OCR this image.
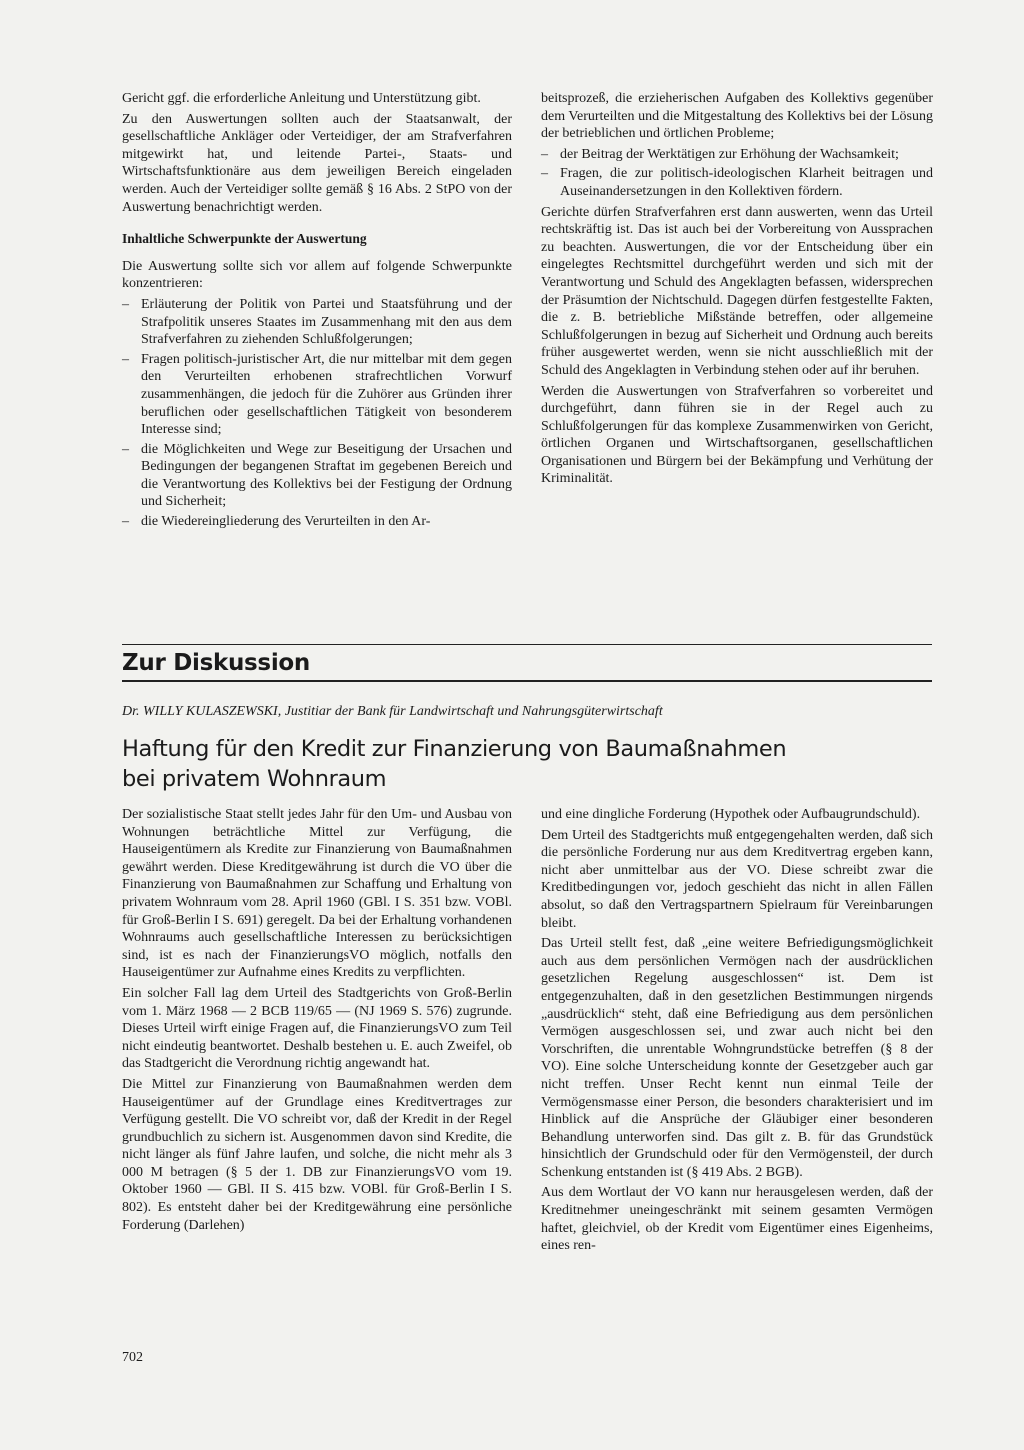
Gericht ggf. die erforderliche Anleitung und Unterstützung gibt.

Zu den Auswertungen sollten auch der Staatsanwalt, der gesellschaftliche Ankläger oder Verteidiger, der am Strafverfahren mitgewirkt hat, und leitende Partei-, Staats- und Wirtschaftsfunktionäre aus dem jeweiligen Bereich eingeladen werden. Auch der Verteidiger sollte gemäß § 16 Abs. 2 StPO von der Auswertung benachrichtigt werden.

Inhaltliche Schwerpunkte der Auswertung

Die Auswertung sollte sich vor allem auf folgende Schwerpunkte konzentrieren:

– Erläuterung der Politik von Partei und Staatsführung und der Strafpolitik unseres Staates im Zusammenhang mit den aus dem Strafverfahren zu ziehenden Schlußfolgerungen;
– Fragen politisch-juristischer Art, die nur mittelbar mit dem gegen den Verurteilten erhobenen strafrechtlichen Vorwurf zusammenhängen, die jedoch für die Zuhörer aus Gründen ihrer beruflichen oder gesellschaftlichen Tätigkeit von besonderem Interesse sind;
– die Möglichkeiten und Wege zur Beseitigung der Ursachen und Bedingungen der begangenen Straftat im gegebenen Bereich und die Verantwortung des Kollektivs bei der Festigung der Ordnung und Sicherheit;
– die Wiedereingliederung des Verurteilten in den Ar-

beitsprozeß, die erzieherischen Aufgaben des Kollektivs gegenüber dem Verurteilten und die Mitgestaltung des Kollektivs bei der Lösung der betrieblichen und örtlichen Probleme;

– der Beitrag der Werktätigen zur Erhöhung der Wachsamkeit;
– Fragen, die zur politisch-ideologischen Klarheit beitragen und Auseinandersetzungen in den Kollektiven fördern.

Gerichte dürfen Strafverfahren erst dann auswerten, wenn das Urteil rechtskräftig ist. Das ist auch bei der Vorbereitung von Aussprachen zu beachten. Auswertungen, die vor der Entscheidung über ein eingelegtes Rechtsmittel durchgeführt werden und sich mit der Verantwortung und Schuld des Angeklagten befassen, widersprechen der Präsumtion der Nichtschuld. Dagegen dürfen festgestellte Fakten, die z. B. betriebliche Mißstände betreffen, oder allgemeine Schlußfolgerungen in bezug auf Sicherheit und Ordnung auch bereits früher ausgewertet werden, wenn sie nicht ausschließlich mit der Schuld des Angeklagten in Verbindung stehen oder auf ihr beruhen.

Werden die Auswertungen von Strafverfahren so vorbereitet und durchgeführt, dann führen sie in der Regel auch zu Schlußfolgerungen für das komplexe Zusammenwirken von Gericht, örtlichen Organen und Wirtschaftsorganen, gesellschaftlichen Organisationen und Bürgern bei der Bekämpfung und Verhütung der Kriminalität.

Zur Diskussion
Dr. WILLY KULASZEWSKI, Justitiar der Bank für Landwirtschaft und Nahrungsgüterwirtschaft
Haftung für den Kredit zur Finanzierung von Baumaßnahmen
bei privatem Wohnraum

Der sozialistische Staat stellt jedes Jahr für den Um- und Ausbau von Wohnungen beträchtliche Mittel zur Verfügung, die Hauseigentümern als Kredite zur Finanzierung von Baumaßnahmen gewährt werden. Diese Kreditgewährung ist durch die VO über die Finanzierung von Baumaßnahmen zur Schaffung und Erhaltung von privatem Wohnraum vom 28. April 1960 (GBl. I S. 351 bzw. VOBl. für Groß-Berlin I S. 691) geregelt. Da bei der Erhaltung vorhandenen Wohnraums auch gesellschaftliche Interessen zu berücksichtigen sind, ist es nach der FinanzierungsVO möglich, notfalls den Hauseigentümer zur Aufnahme eines Kredits zu verpflichten.

Ein solcher Fall lag dem Urteil des Stadtgerichts von Groß-Berlin vom 1. März 1968 — 2 BCB 119/65 — (NJ 1969 S. 576) zugrunde. Dieses Urteil wirft einige Fragen auf, die FinanzierungsVO zum Teil nicht eindeutig beantwortet. Deshalb bestehen u. E. auch Zweifel, ob das Stadtgericht die Verordnung richtig angewandt hat.

Die Mittel zur Finanzierung von Baumaßnahmen werden dem Hauseigentümer auf der Grundlage eines Kreditvertrages zur Verfügung gestellt. Die VO schreibt vor, daß der Kredit in der Regel grundbuchlich zu sichern ist. Ausgenommen davon sind Kredite, die nicht länger als fünf Jahre laufen, und solche, die nicht mehr als 3 000 M betragen (§ 5 der 1. DB zur FinanzierungsVO vom 19. Oktober 1960 — GBl. II S. 415 bzw. VOBl. für Groß-Berlin I S. 802). Es entsteht daher bei der Kreditgewährung eine persönliche Forderung (Darlehen)

und eine dingliche Forderung (Hypothek oder Aufbaugrundschuld).

Dem Urteil des Stadtgerichts muß entgegengehalten werden, daß sich die persönliche Forderung nur aus dem Kreditvertrag ergeben kann, nicht aber unmittelbar aus der VO. Diese schreibt zwar die Kreditbedingungen vor, jedoch geschieht das nicht in allen Fällen absolut, so daß den Vertragspartnern Spielraum für Vereinbarungen bleibt.

Das Urteil stellt fest, daß „eine weitere Befriedigungsmöglichkeit auch aus dem persönlichen Vermögen nach der ausdrücklichen gesetzlichen Regelung ausgeschlossen“ ist. Dem ist entgegenzuhalten, daß in den gesetzlichen Bestimmungen nirgends „ausdrücklich“ steht, daß eine Befriedigung aus dem persönlichen Vermögen ausgeschlossen sei, und zwar auch nicht bei den Vorschriften, die unrentable Wohngrundstücke betreffen (§ 8 der VO). Eine solche Unterscheidung konnte der Gesetzgeber auch gar nicht treffen. Unser Recht kennt nun einmal Teile der Vermögensmasse einer Person, die besonders charakterisiert und im Hinblick auf die Ansprüche der Gläubiger einer besonderen Behandlung unterworfen sind. Das gilt z. B. für das Grundstück hinsichtlich der Grundschuld oder für den Vermögensteil, der durch Schenkung entstanden ist (§ 419 Abs. 2 BGB).

Aus dem Wortlaut der VO kann nur herausgelesen werden, daß der Kreditnehmer uneingeschränkt mit seinem gesamten Vermögen haftet, gleichviel, ob der Kredit vom Eigentümer eines Eigenheims, eines ren-

702
